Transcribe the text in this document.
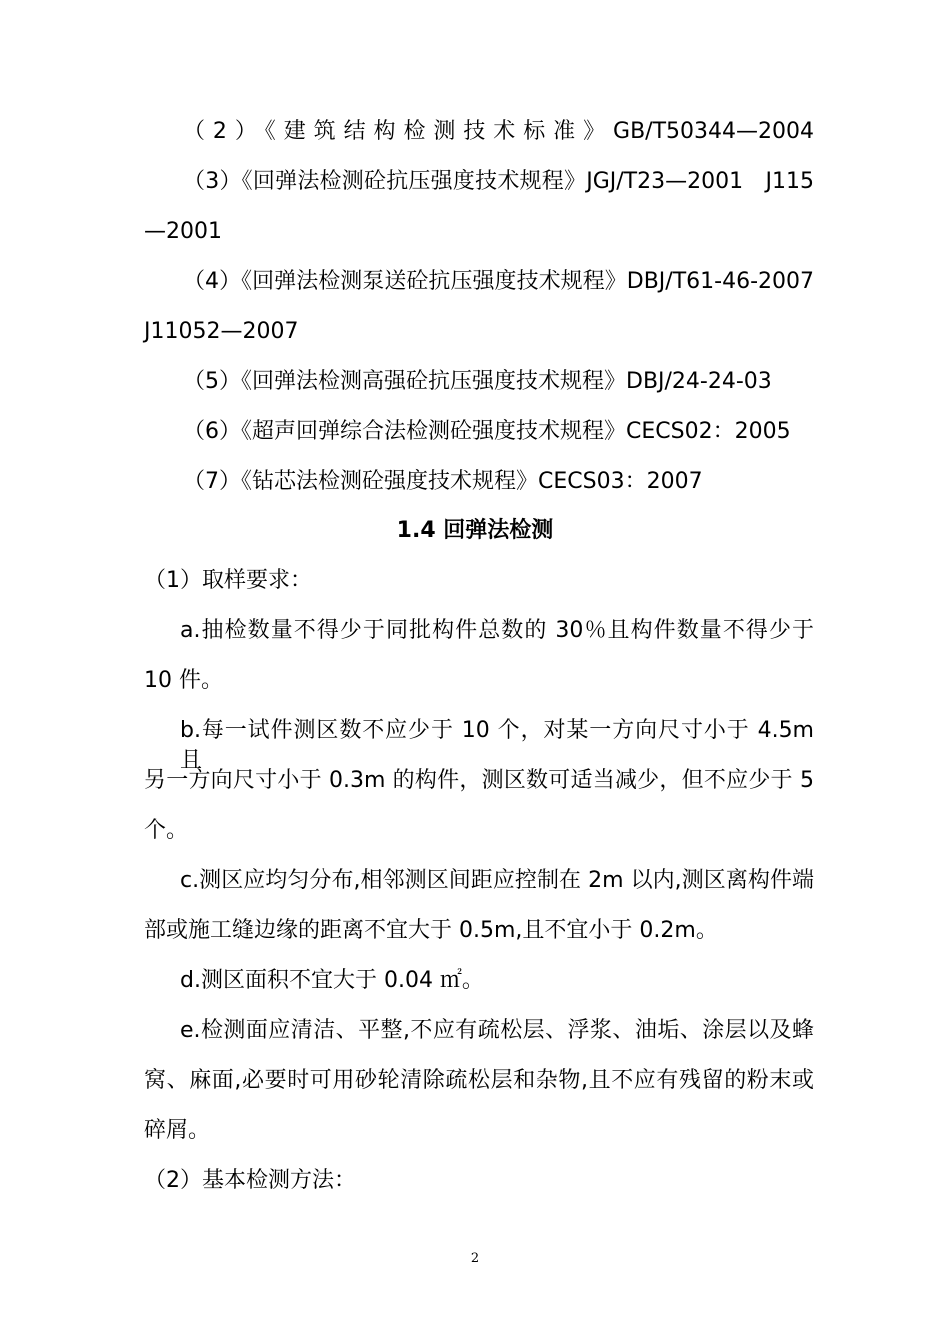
（2）《建筑结构检测技术标准》GB/T50344—2004
（3）《回弹法检测砼抗压强度技术规程》JGJ/T23—2001　J115
—2001
（4）《回弹法检测泵送砼抗压强度技术规程》DBJ/T61-46-2007
J11052—2007
（5）《回弹法检测高强砼抗压强度技术规程》DBJ/24-24-03
（6）《超声回弹综合法检测砼强度技术规程》CECS02：2005
（7）《钻芯法检测砼强度技术规程》CECS03：2007
1.4 回弹法检测
（1）取样要求：
a.抽检数量不得少于同批构件总数的 30％且构件数量不得少于
10 件。
b.每一试件测区数不应少于 10 个，对某一方向尺寸小于 4.5m 且
另一方向尺寸小于 0.3m 的构件，测区数可适当减少，但不应少于 5
个。
c.测区应均匀分布,相邻测区间距应控制在 2m 以内,测区离构件端
部或施工缝边缘的距离不宜大于 0.5m,且不宜小于 0.2m。
d.测区面积不宜大于 0.04 ㎡。
e.检测面应清洁、平整,不应有疏松层、浮浆、油垢、涂层以及蜂
窝、麻面,必要时可用砂轮清除疏松层和杂物,且不应有残留的粉末或
碎屑。
（2）基本检测方法：
2
